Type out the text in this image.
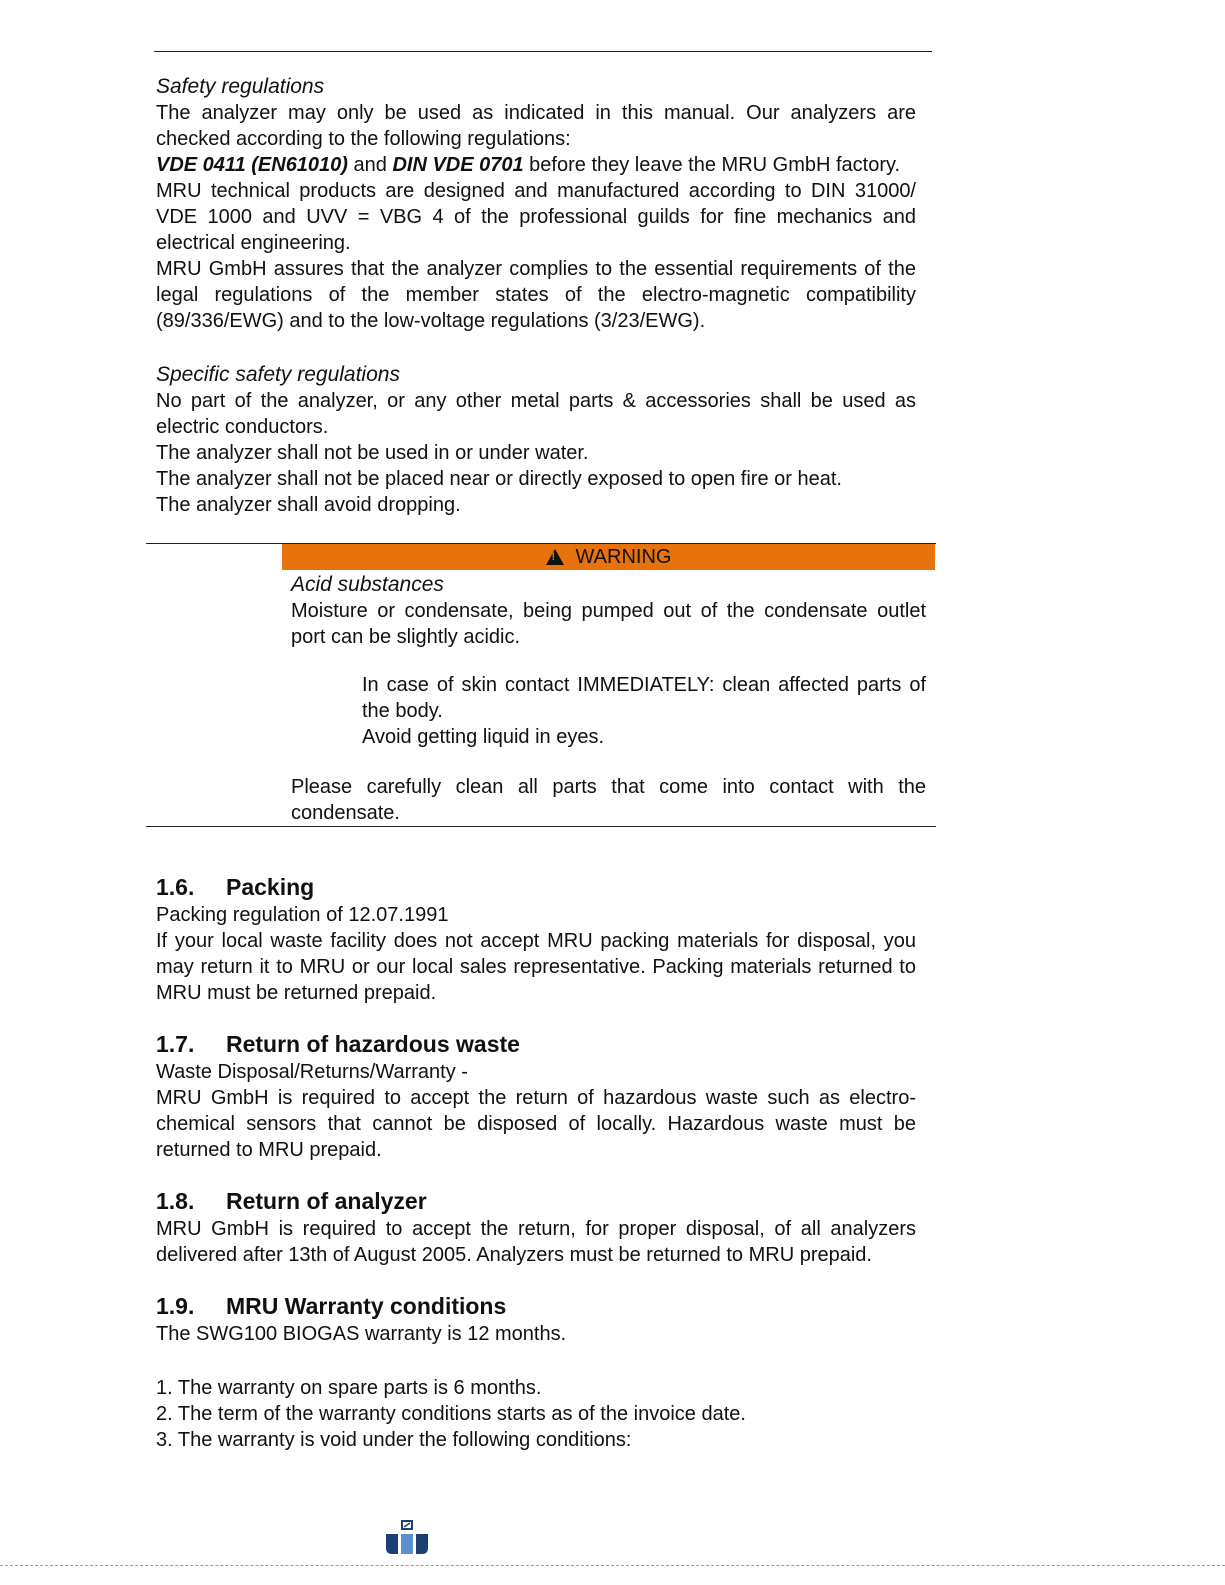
Safety regulations

The analyzer may only be used as indicated in this manual. Our analyzers are checked according to the following regulations:

VDE 0411 (EN61010) and DIN VDE 0701 before they leave the MRU GmbH factory.

MRU technical products are designed and manufactured according to DIN 31000/ VDE 1000 and UVV = VBG 4 of the professional guilds for fine mechanics and electrical engineering.

MRU GmbH assures that the analyzer complies to the essential requirements of the legal regulations of the member states of the electro-magnetic compatibility (89/336/EWG) and to the low-voltage regulations (3/23/EWG).

Specific safety regulations

No part of the analyzer, or any other metal parts & accessories shall be used as electric conductors.

The analyzer shall not be used in or under water.

The analyzer shall not be placed near or directly exposed to open fire or heat.

The analyzer shall avoid dropping.

!
WARNING
Acid substances

Moisture or condensate, being pumped out of the condensate outlet port can be slightly acidic.

In case of skin contact IMMEDIATELY: clean affected parts of the body.

Avoid getting liquid in eyes.

Please carefully clean all parts that come into contact with the condensate.

1.6.	Packing

Packing regulation of 12.07.1991

If your local waste facility does not accept MRU packing materials for disposal, you may return it to MRU or our local sales representative. Packing materials returned to MRU must be returned prepaid.

1.7.	Return of hazardous waste

Waste Disposal/Returns/Warranty -

MRU GmbH is required to accept the return of hazardous waste such as electro-chemical sensors that cannot be disposed of locally. Hazardous waste must be returned to MRU prepaid.

1.8.	Return of analyzer

MRU GmbH is required to accept the return, for proper disposal, of all analyzers delivered after 13th of August 2005. Analyzers must be returned to MRU prepaid.

1.9.	MRU Warranty conditions

The SWG100 BIOGAS warranty is 12 months.

1. The warranty on spare parts is 6 months.

2. The term of the warranty conditions starts as of the invoice date.

3. The warranty is void under the following conditions:
